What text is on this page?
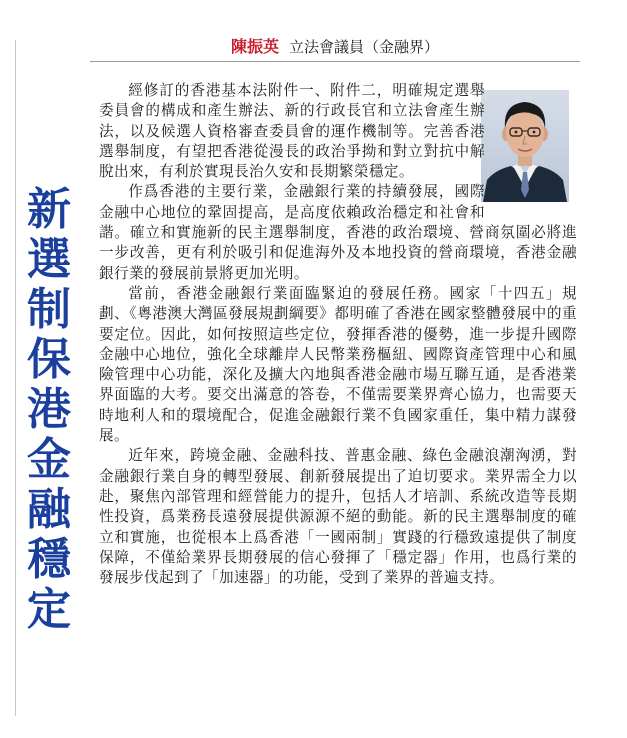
陳振英 立法會議員（金融界）
新
選
制
保
港
金
融
穩
定

經修訂的香港基本法附件一、附件二，明確規定選舉委員會的構成和產生辦法、新的行政長官和立法會產生辦法，以及候選人資格審查委員會的運作機制等。完善香港選舉制度，有望把香港從漫長的政治爭拗和對立對抗中解脫出來，有利於實現長治久安和長期繁榮穩定。

作爲香港的主要行業，金融銀行業的持續發展，國際金融中心地位的鞏固提高，是高度依賴政治穩定和社會和諧。確立和實施新的民主選舉制度，香港的政治環境、營商氛圍必將進一步改善，更有利於吸引和促進海外及本地投資的營商環境，香港金融銀行業的發展前景將更加光明。

當前，香港金融銀行業面臨緊迫的發展任務。國家「十四五」規劃、《粵港澳大灣區發展規劃綱要》都明確了香港在國家整體發展中的重要定位。因此，如何按照這些定位，發揮香港的優勢，進一步提升國際金融中心地位，強化全球離岸人民幣業務樞紐、國際資產管理中心和風險管理中心功能，深化及擴大內地與香港金融市場互聯互通，是香港業界面臨的大考。要交出滿意的答卷，不僅需要業界齊心協力，也需要天時地利人和的環境配合，促進金融銀行業不負國家重任，集中精力謀發展。

近年來，跨境金融、金融科技、普惠金融、綠色金融浪潮洶湧，對金融銀行業自身的轉型發展、創新發展提出了迫切要求。業界需全力以赴，聚焦內部管理和經營能力的提升，包括人才培訓、系統改造等長期性投資，爲業務長遠發展提供源源不絕的動能。新的民主選舉制度的確立和實施，也從根本上爲香港「一國兩制」實踐的行穩致遠提供了制度保障，不僅給業界長期發展的信心發揮了「穩定器」作用，也爲行業的發展步伐起到了「加速器」的功能，受到了業界的普遍支持。
